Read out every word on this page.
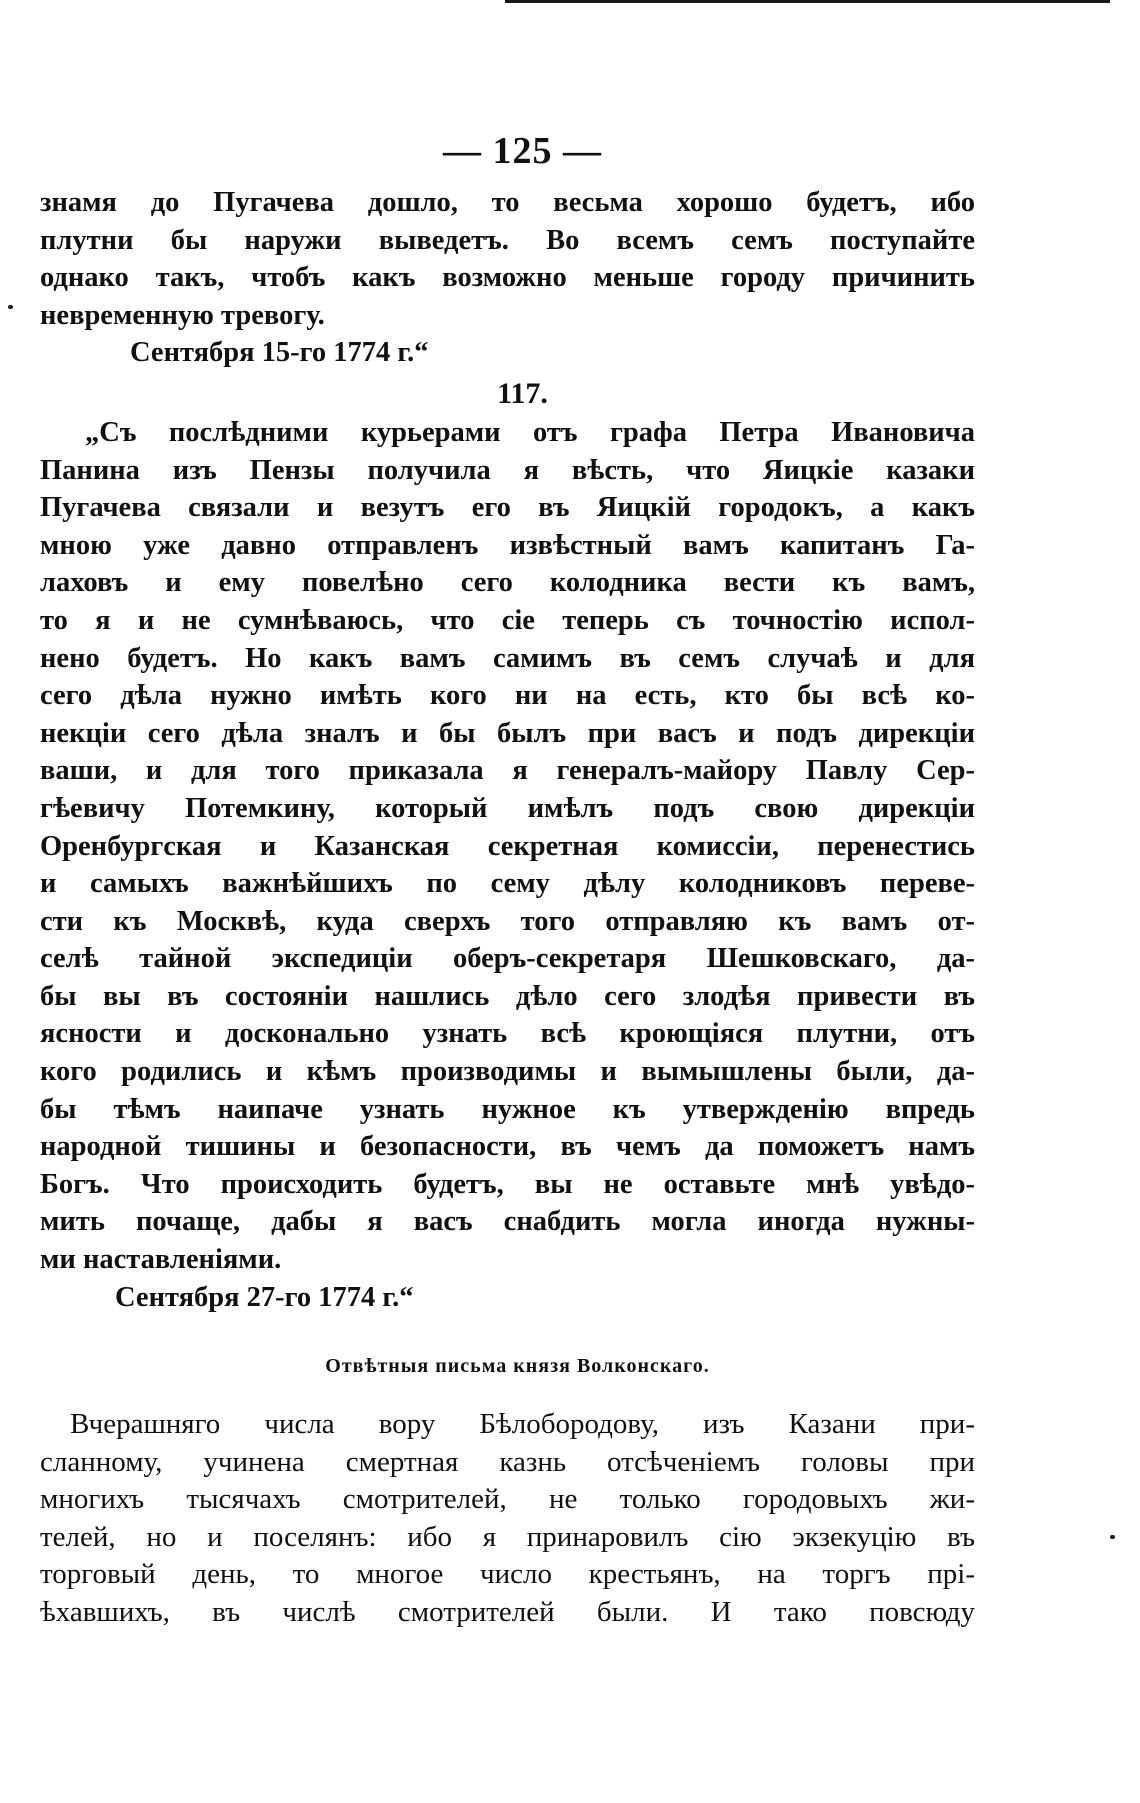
— 125 —
знамя до Пугачева дошло, то весьма хорошо будетъ, ибо
плутни бы наружи выведетъ. Во всемъ семъ поступайте
однако такъ, чтобъ какъ возможно меньше городу причинить
невременную тревогу.
Сентября 15-го 1774 г.“
117.
„Съ послѣдними курьерами отъ графа Петра Ивановича
Панина изъ Пензы получила я вѣсть, что Яицкіе казаки
Пугачева связали и везутъ его въ Яицкій городокъ, а какъ
мною уже давно отправленъ извѣстный вамъ капитанъ Га-
лаховъ и ему повелѣно сего колодника вести къ вамъ,
то я и не сумнѣваюсь, что сіе теперь съ точностію испол-
нено будетъ. Но какъ вамъ самимъ въ семъ случаѣ и для
сего дѣла нужно имѣть кого ни на есть, кто бы всѣ ко-
некціи сего дѣла зналъ и бы былъ при васъ и подъ дирекціи
ваши, и для того приказала я генералъ-майору Павлу Сер-
гѣевичу Потемкину, который имѣлъ подъ свою дирекціи
Оренбургская и Казанская секретная комиссіи, перенестись
и самыхъ важнѣйшихъ по сему дѣлу колодниковъ переве-
сти къ Москвѣ, куда сверхъ того отправляю къ вамъ от-
селѣ тайной экспедиціи оберъ-секретаря Шешковскаго, да-
бы вы въ состояніи нашлись дѣло сего злодѣя привести въ
ясности и досконально узнать всѣ кроющіяся плутни, отъ
кого родились и кѣмъ производимы и вымышлены были, да-
бы тѣмъ наипаче узнать нужное къ утвержденію впредь
народной тишины и безопасности, въ чемъ да поможетъ намъ
Богъ. Что происходить будетъ, вы не оставьте мнѣ увѣдо-
мить почаще, дабы я васъ снабдить могла иногда нужны-
ми наставленіями.
Сентября 27-го 1774 г.“
Отвѣтныя письма князя Волконскаго.
Вчерашняго числа вору Бѣлобородову, изъ Казани при-
сланному, учинена смертная казнь отсѣченіемъ головы при
многихъ тысячахъ смотрителей, не только городовыхъ жи-
телей, но и поселянъ: ибо я принаровилъ сію экзекуцію въ
торговый день, то многое число крестьянъ, на торгъ прі-
ѣхавшихъ, въ числѣ смотрителей были. И тако повсюду
